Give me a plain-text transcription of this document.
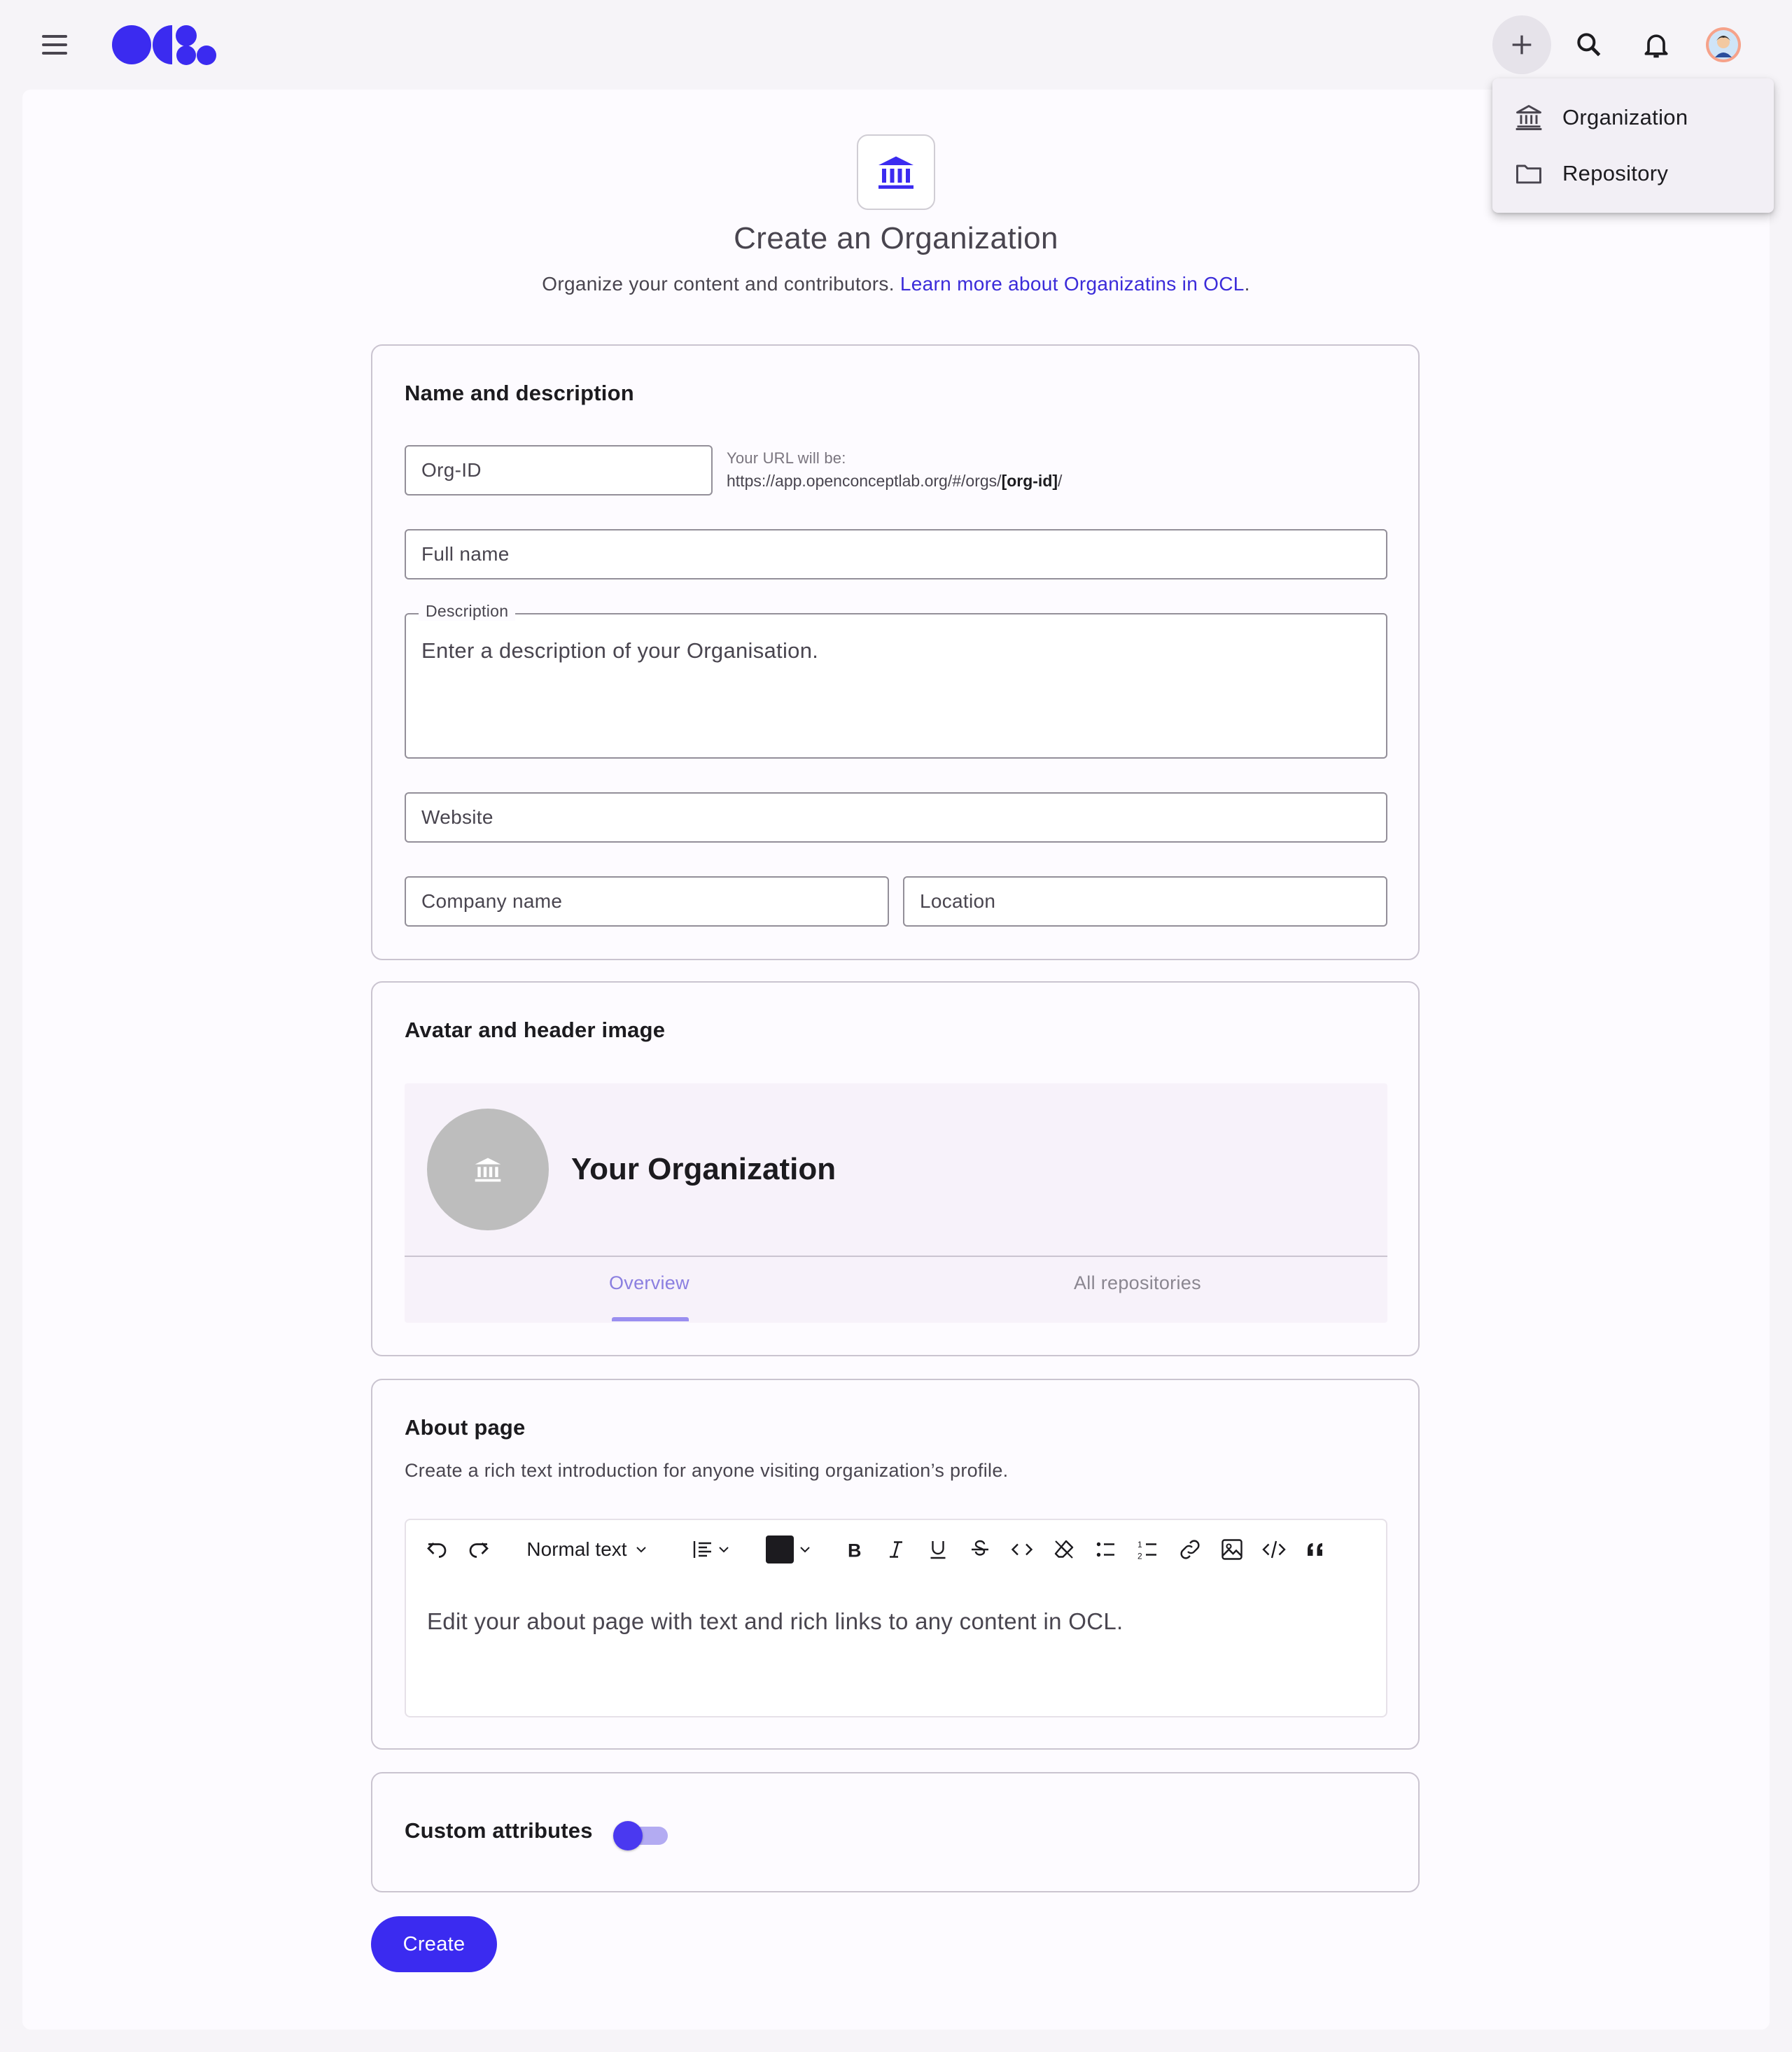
Organization
Repository
Create an Organization
Organize your content and contributors. Learn more about Organizatins in OCL.
Name and description
Org-ID
Your URL will be:
https://app.openconceptlab.org/#/orgs/[org-id]/
Full name
Description
Enter a description of your Organisation.
Website
Company name	Location
Avatar and header image
Your Organization
Overview	All repositories
About page
Create a rich text introduction for anyone visiting organization’s profile.
Normal text	B	1
2
Edit your about page with text and rich links to any content in OCL.
Custom attributes
Create
